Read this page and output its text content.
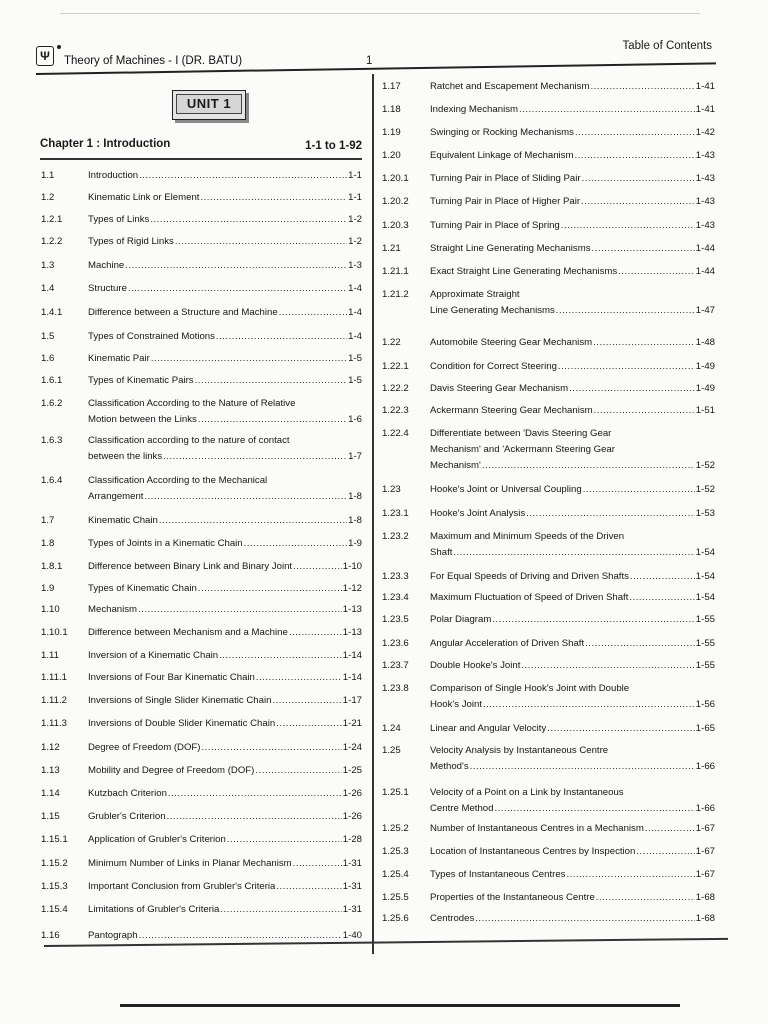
Ψ	Theory of Machines - I (DR. BATU)	1
Table of Contents
UNIT 1
Chapter 1 : Introduction	1-1 to 1-92
1.1	Introduction .....	1-1
1.2	Kinematic Link or Element .....	1-1
1.2.1	Types of Links .....	1-2
1.2.2	Types of Rigid Links .....	1-2
1.3	Machine .....	1-3
1.4	Structure .....	1-4
1.4.1	Difference between a Structure and Machine .....	1-4
1.5	Types of Constrained Motions .....	1-4
1.6	Kinematic Pair .....	1-5
1.6.1	Types of Kinematic Pairs .....	1-5
1.6.2	Classification According to the Nature of Relative
Motion between the Links .....	1-6
1.6.3	Classification according to the nature of contact
between the links .....	1-7
1.6.4	Classification According to the Mechanical
Arrangement .....	1-8
1.7	Kinematic Chain .....	1-8
1.8	Types of Joints in a Kinematic Chain .....	1-9
1.8.1	Difference between Binary Link and Binary Joint .....	1-10
1.9	Types of Kinematic Chain .....	1-12
1.10	Mechanism .....	1-13
1.10.1 Difference between Mechanism and a Machine .....	1-13
1.11	Inversion of a Kinematic Chain .....	1-14
1.11.1 Inversions of Four Bar Kinematic Chain .....	1-14
1.11.2 Inversions of Single Slider Kinematic Chain .....	1-17
1.11.3 Inversions of Double Slider Kinematic Chain .....	1-21
1.12	Degree of Freedom (DOF) .....	1-24
1.13	Mobility and Degree of Freedom (DOF) .....	1-25
1.14	Kutzbach Criterion .....	1-26
1.15	Grubler's Criterion .....	1-26
1.15.1 Application of Grubler's Criterion .....	1-28
1.15.2 Minimum Number of Links in Planar Mechanism .....	1-31
1.15.3 Important Conclusion from Grubler's Criteria .....	1-31
1.15.4 Limitations of Grubler's Criteria .....	1-31
1.16	Pantograph .....	1-40
1.17	Ratchet and Escapement Mechanism .....	1-41
1.18	Indexing Mechanism .....	1-41
1.19	Swinging or Rocking Mechanisms .....	1-42
1.20	Equivalent Linkage of Mechanism .....	1-43
1.20.1 Turning Pair in Place of Sliding Pair .....	1-43
1.20.2 Turning Pair in Place of Higher Pair .....	1-43
1.20.3 Turning Pair in Place of Spring .....	1-43
1.21	Straight Line Generating Mechanisms .....	1-44
1.21.1 Exact Straight Line Generating Mechanisms .....	1-44
1.21.2 Approximate Straight
Line Generating Mechanisms .....	1-47
1.22	Automobile Steering Gear Mechanism .....	1-48
1.22.1 Condition for Correct Steering .....	1-49
1.22.2 Davis Steering Gear Mechanism .....	1-49
1.22.3 Ackermann Steering Gear Mechanism .....	1-51
1.22.4 Differentiate between 'Davis Steering Gear
Mechanism' and 'Ackermann Steering Gear
Mechanism' .....	1-52
1.23	Hooke's Joint or Universal Coupling .....	1-52
1.23.1 Hooke's Joint Analysis .....	1-53
1.23.2 Maximum and Minimum Speeds of the Driven
Shaft .....	1-54
1.23.3 For Equal Speeds of Driving and Driven Shafts .....	1-54
1.23.4 Maximum Fluctuation of Speed of Driven Shaft .....	1-54
1.23.5 Polar Diagram .....	1-55
1.23.6 Angular Acceleration of Driven Shaft .....	1-55
1.23.7 Double Hooke's Joint .....	1-55
1.23.8 Comparison of Single Hook's Joint with Double
Hook's Joint .....	1-56
1.24	Linear and Angular Velocity .....	1-65
1.25	Velocity Analysis by Instantaneous Centre
Method's .....	1-66
1.25.1 Velocity of a Point on a Link by Instantaneous
Centre Method .....	1-66
1.25.2 Number of Instantaneous Centres in a Mechanism .....	1-67
1.25.3 Location of Instantaneous Centres by Inspection .....	1-67
1.25.4 Types of Instantaneous Centres .....	1-67
1.25.5 Properties of the Instantaneous Centre .....	1-68
1.25.6 Centrodes .....	1-68
